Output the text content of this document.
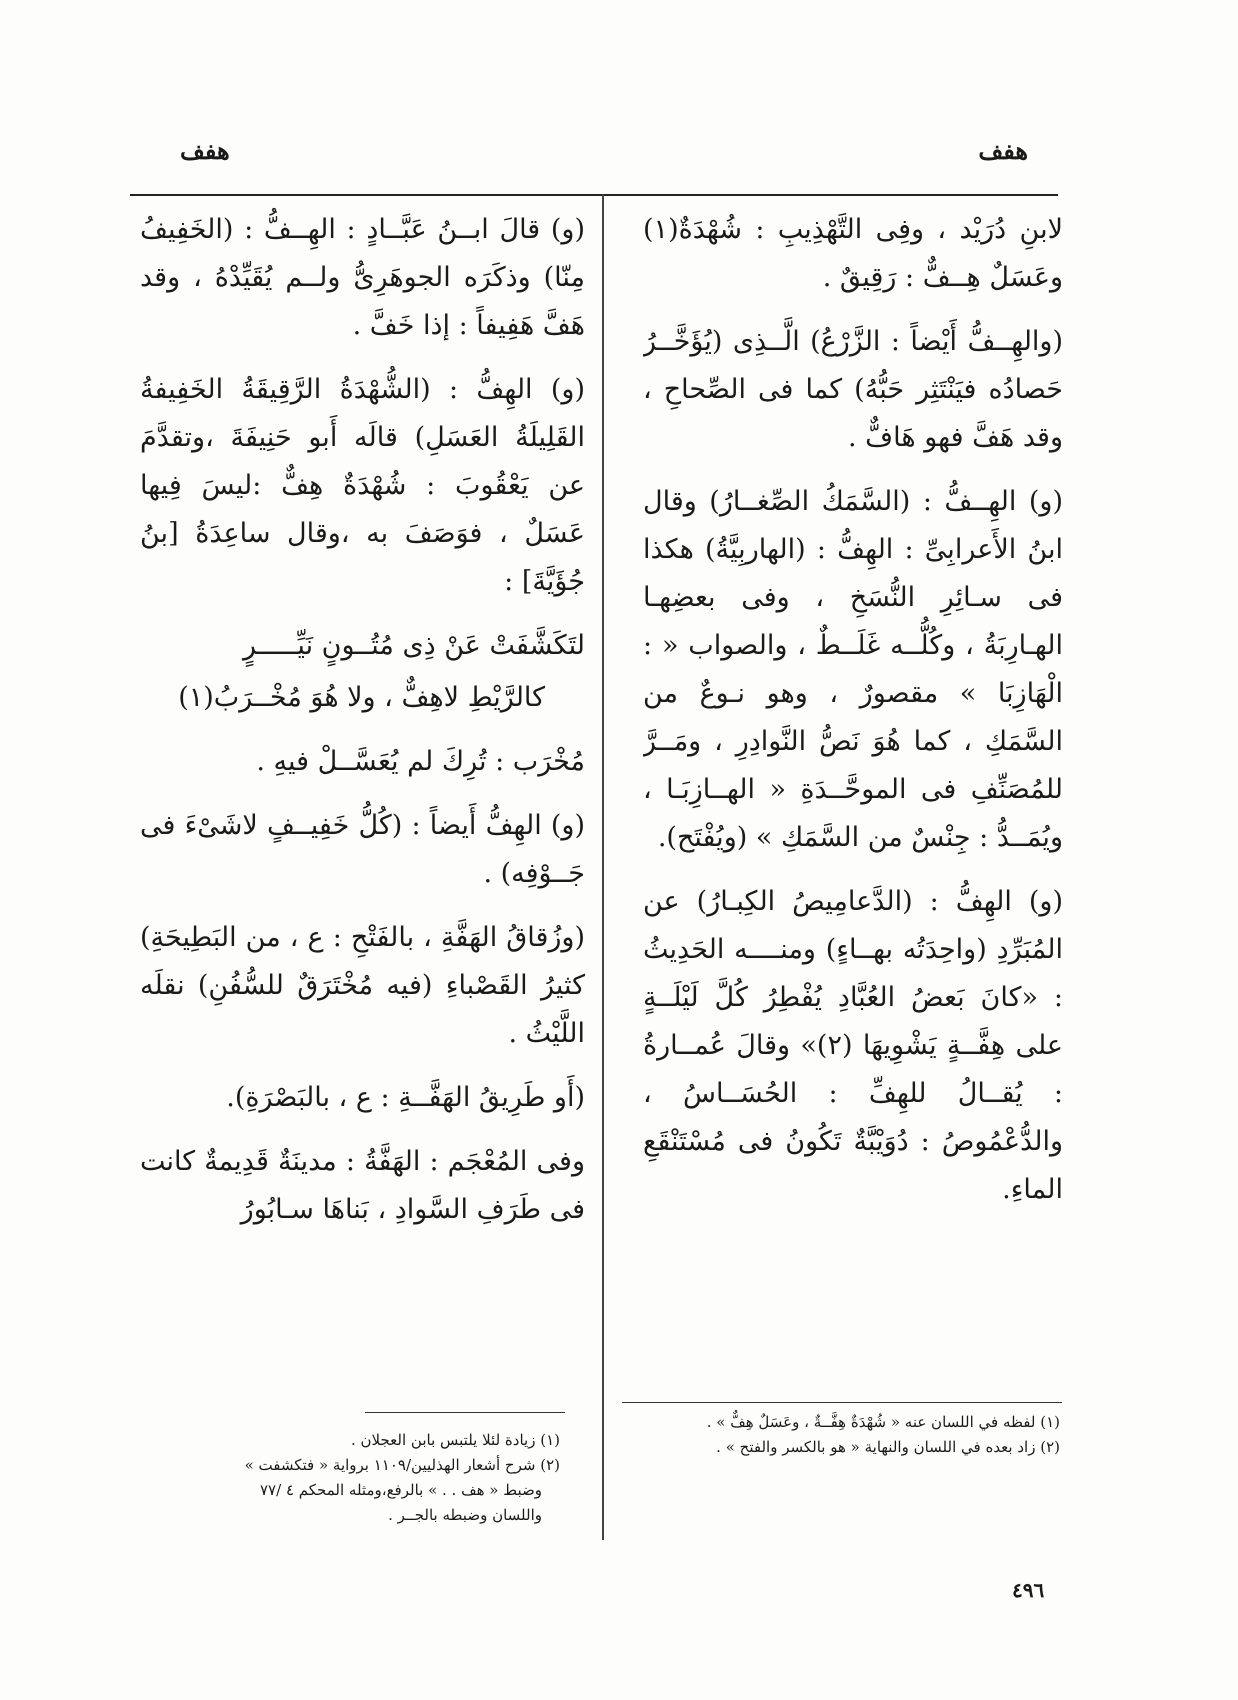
هفف
هفف

لابنِ دُرَيْد ، وفِى التَّهْذِيبِ : شُهْدَةٌ(١) وعَسَلٌ هِــفٌّ : رَقِيقٌ .

(والهِــفُّ أَيْضاً : الزَّرْعُ) الَّــذِى (يُؤَخَّــرُ حَصادُه فيَنْتَثِر حَبُّهُ) كما فى الصِّحاحِ ، وقد هَفَّ فهو هَافٌّ .

(و) الهِــفُّ : (السَّمَكُ الصِّغــارُ) وقال ابنُ الأَعرابِىِّ : الهِفُّ : (الهاربِيَّةُ) هكذا فى سـائِرِ النُّسَخِ ، وفى بعضِهـا الهـارِبَةُ ، وكُلُّــه غَلَــطٌ ، والصواب « : الْهَازِبَا » مقصورٌ ، وهو نـوعٌ من السَّمَكِ ، كما هُوَ نَصُّ النَّوادِرِ ، ومَــرَّ للمُصَنِّفِ فى الموحَّــدَةِ « الهــازِبَـا ، ويُمَــدُّ : جِنْسٌ من السَّمَكِ » (ويُفْتَح).

(و) الهِفُّ : (الدَّعامِيصُ الكِبـارُ) عن المُبَرِّدِ (واحِدَتُه بهــاءٍ) ومنــــه الحَدِيثُ : «كانَ بَعضُ العُبَّادِ يُفْطِرُ كُلَّ لَيْلَــةٍ على هِفَّــةٍ يَشْوِيهَا (٢)» وقالَ عُمــارةُ : يُقــالُ للهِفِّ : الحُسَــاسُ ، والدُّعْمُوصُ : دُوَيْبَّةٌ تَكُونُ فى مُسْتَنْقَعِ الماءِ.

(و) قالَ ابــنُ عَبَّــادٍ : الهِــفُّ : (الخَفِيفُ مِنّا) وذكَرَه الجوهَرِىُّ ولــم يُقَيِّدْهُ ، وقد هَفَّ هَفِيفاً : إذا خَفَّ .

(و) الهِفُّ : (الشُّهْدَةُ الرَّقِيقَةُ الخَفِيفةُ القَلِيلَةُ العَسَلِ) قالَه أَبو حَنِيفَةَ ،وتقدَّمَ عن يَعْقُوبَ : شُهْدَةٌ هِفٌّ :ليسَ فِيها عَسَلٌ ، فوَصَفَ به ،وقال ساعِدَةُ [بنُ جُؤَيَّةَ] :

لتَكَشَّفَتْ عَنْ ذِى مُتُــونٍ نَيِّـــــرٍ

كالرَّيْطِ لاهِفٌّ ، ولا هُوَ مُخْــرَبُ(١)

مُخْرَب : تُرِكَ لم يُعَسَّــلْ فيهِ .

(و) الهِفُّ أَيضاً : (كُلُّ خَفِيــفٍ لاشَىْءَ فى جَــوْفِه) .

(وزُقاقُ الهَفَّةِ ، بالفَتْحِ : ع ، من البَطِيحَةِ) كثيرُ القَصْباءِ (فيه مُخْتَرَقٌ للسُّفُنِ) نقلَه اللَّيْثُ .

(أَو طَرِيقُ الهَفَّــةِ : ع ، بالبَصْرَةِ).

وفى المُعْجَم : الهَفَّةُ : مدينَةٌ قَدِيمةٌ كانت فى طَرَفِ السَّوادِ ، بَناهَا سـابُورُ

(١) لفظه في اللسان عنه « شُهْدَةٌ هِفَّــةٌ ، وعَسَلٌ هِفٌّ » .

(٢) زاد بعده في اللسان والنهاية « هو بالكسر والفتح » .

(١) زيادة لئلا يلتبس بابن العجلان .

(٢) شرح أشعار الهذليين/١١٠٩ برواية « فتكشفت »

وضبط « هف . . » بالرفع،ومثله المحكم ٤ /٧٧

واللسان وضبطه بالجــر .

٤٩٦
